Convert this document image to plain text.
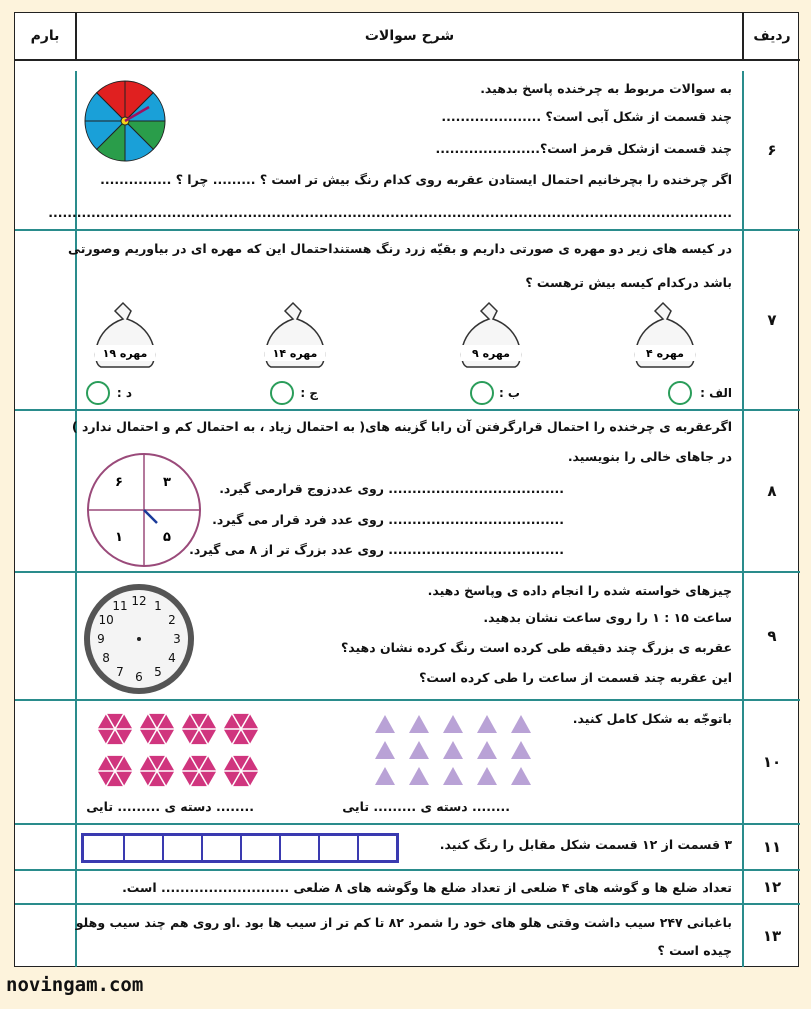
ردیف
شرح سوالات
بارم
۶
به سوالات مربوط به چرخنده پاسخ بدهید.
چند قسمت از شکل آبی است؟ .....................
چند قسمت ازشکل قرمز است؟......................
اگر چرخنده را بچرخانیم احتمال ایستادن عقربه روی کدام رنگ بیش تر است ؟ ......... چرا ؟ ...............
................................................................................................................................................
۷
در کیسه های زیر دو مهره ی صورتی داریم و بقیّه زرد رنگ هستنداحتمال این که مهره ای در بیاوریم وصورتی
باشد درکدام کیسه بیش ترهست ؟
۴ مهره
۹ مهره
۱۴ مهره
۱۹ مهره
الف :
ب :
ج :
د :
۸
اگرعقربه ی چرخنده را احتمال قرارگرفتن آن رابا گزینه های( به احتمال زیاد ، به احتمال کم و احتمال ندارد )
در جاهای خالی را بنویسید.
..................................... روی عددزوج قرارمی گیرد.
..................................... روی عدد فرد قرار می گیرد.
..................................... روی عدد بزرگ تر از ۸ می گیرد.
۳
۶
۱	۵
۹
چیزهای خواسته شده را انجام داده ی وپاسخ دهید.
ساعت ۱۵ : ۱ را روی ساعت نشان بدهید.
عقربه ی بزرگ چند دقیقه طی کرده است رنگ کرده نشان دهید؟
این عقربه چند قسمت از ساعت را طی کرده است؟
12 1
2
3
4
5
6
7
8
9
10
11
۱۰
باتوجّه به شکل کامل کنید.
........ دسته ی ......... تایی
........ دسته ی ......... تایی
۱۱
۳ قسمت از ۱۲ قسمت شکل مقابل را رنگ کنید.
۱۲
تعداد ضلع ها و گوشه های ۴ ضلعی از تعداد ضلع ها وگوشه های ۸ ضلعی ........................... است.
۱۳
باغبانی ۲۴۷ سیب داشت وقتی هلو های خود را شمرد ۸۲ تا کم تر از سیب ها بود .او روی هم چند سیب وهلو
چیده است ؟
novingam.com
